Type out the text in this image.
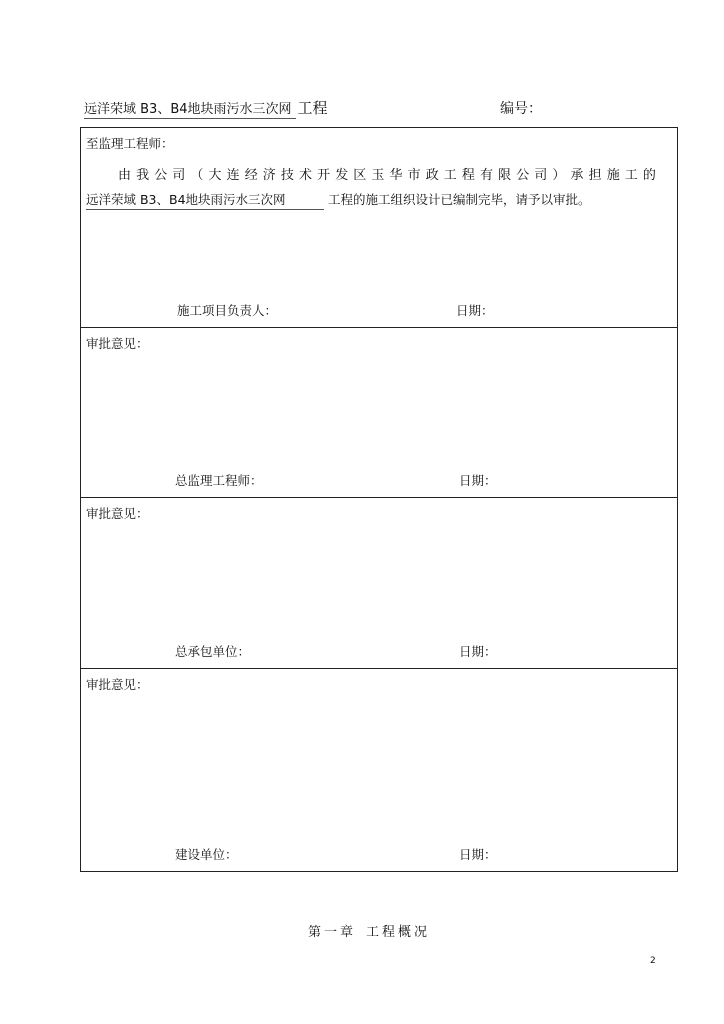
远洋荣域 B3、B4地块雨污水三次网 工程	编号：
至监理工程师：
由我公司（大连经济技术开发区玉华市政工程有限公司）承担施工的
远洋荣域 B3、B4地块雨污水三次网	工程的施工组织设计已编制完毕，请予以审批。
施工项目负责人：	日期：
审批意见：
总监理工程师：	日期：
审批意见：
总承包单位：	日期：
审批意见：
建设单位：	日期：
第一章 工程概况
2
